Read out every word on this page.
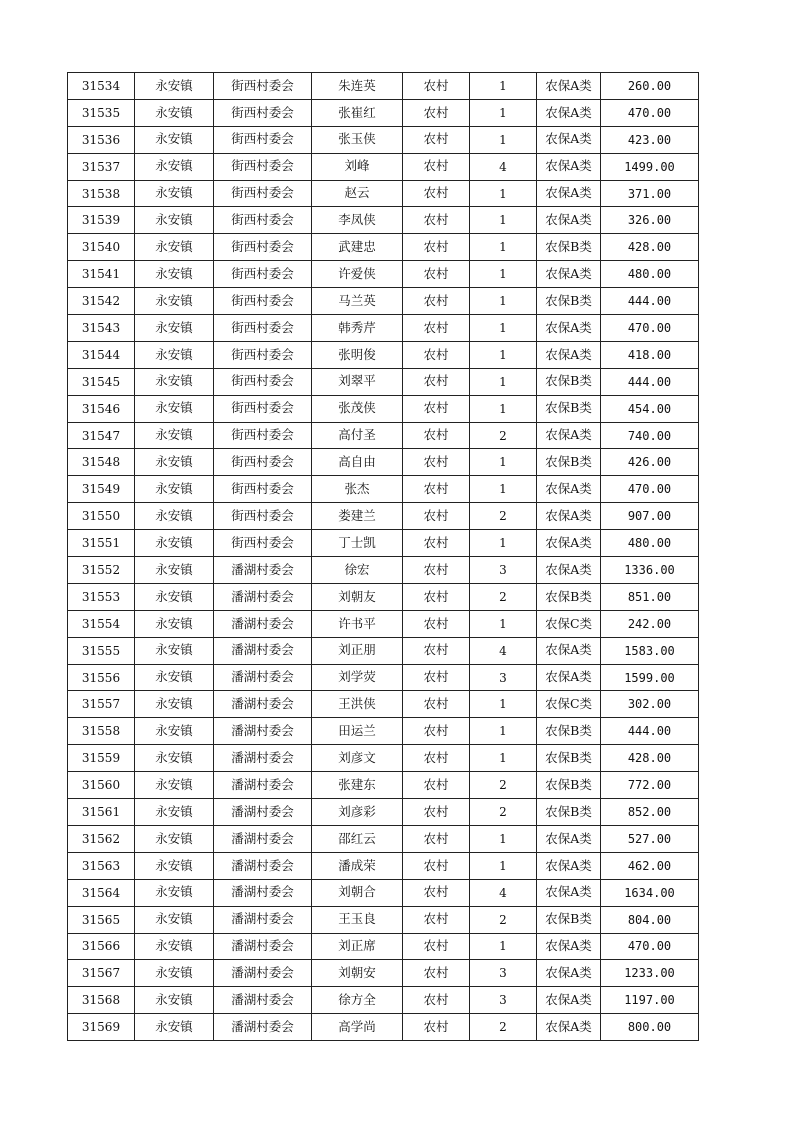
31534	永安镇	街西村委会	朱连英	农村	1	农保A类	260.00
31535	永安镇	街西村委会	张崔红	农村	1	农保A类	470.00
31536	永安镇	街西村委会	张玉侠	农村	1	农保A类	423.00
31537	永安镇	街西村委会	刘峰	农村	4	农保A类	1499.00
31538	永安镇	街西村委会	赵云	农村	1	农保A类	371.00
31539	永安镇	街西村委会	李凤侠	农村	1	农保A类	326.00
31540	永安镇	街西村委会	武建忠	农村	1	农保B类	428.00
31541	永安镇	街西村委会	许爱侠	农村	1	农保A类	480.00
31542	永安镇	街西村委会	马兰英	农村	1	农保B类	444.00
31543	永安镇	街西村委会	韩秀芹	农村	1	农保A类	470.00
31544	永安镇	街西村委会	张明俊	农村	1	农保A类	418.00
31545	永安镇	街西村委会	刘翠平	农村	1	农保B类	444.00
31546	永安镇	街西村委会	张茂侠	农村	1	农保B类	454.00
31547	永安镇	街西村委会	高付圣	农村	2	农保A类	740.00
31548	永安镇	街西村委会	高自由	农村	1	农保B类	426.00
31549	永安镇	街西村委会	张杰	农村	1	农保A类	470.00
31550	永安镇	街西村委会	娄建兰	农村	2	农保A类	907.00
31551	永安镇	街西村委会	丁士凯	农村	1	农保A类	480.00
31552	永安镇	潘湖村委会	徐宏	农村	3	农保A类	1336.00
31553	永安镇	潘湖村委会	刘朝友	农村	2	农保B类	851.00
31554	永安镇	潘湖村委会	许书平	农村	1	农保C类	242.00
31555	永安镇	潘湖村委会	刘正朋	农村	4	农保A类	1583.00
31556	永安镇	潘湖村委会	刘学荧	农村	3	农保A类	1599.00
31557	永安镇	潘湖村委会	王洪侠	农村	1	农保C类	302.00
31558	永安镇	潘湖村委会	田运兰	农村	1	农保B类	444.00
31559	永安镇	潘湖村委会	刘彦文	农村	1	农保B类	428.00
31560	永安镇	潘湖村委会	张建东	农村	2	农保B类	772.00
31561	永安镇	潘湖村委会	刘彦彩	农村	2	农保B类	852.00
31562	永安镇	潘湖村委会	邵红云	农村	1	农保A类	527.00
31563	永安镇	潘湖村委会	潘成荣	农村	1	农保A类	462.00
31564	永安镇	潘湖村委会	刘朝合	农村	4	农保A类	1634.00
31565	永安镇	潘湖村委会	王玉良	农村	2	农保B类	804.00
31566	永安镇	潘湖村委会	刘正席	农村	1	农保A类	470.00
31567	永安镇	潘湖村委会	刘朝安	农村	3	农保A类	1233.00
31568	永安镇	潘湖村委会	徐方全	农村	3	农保A类	1197.00
31569	永安镇	潘湖村委会	高学尚	农村	2	农保A类	800.00
